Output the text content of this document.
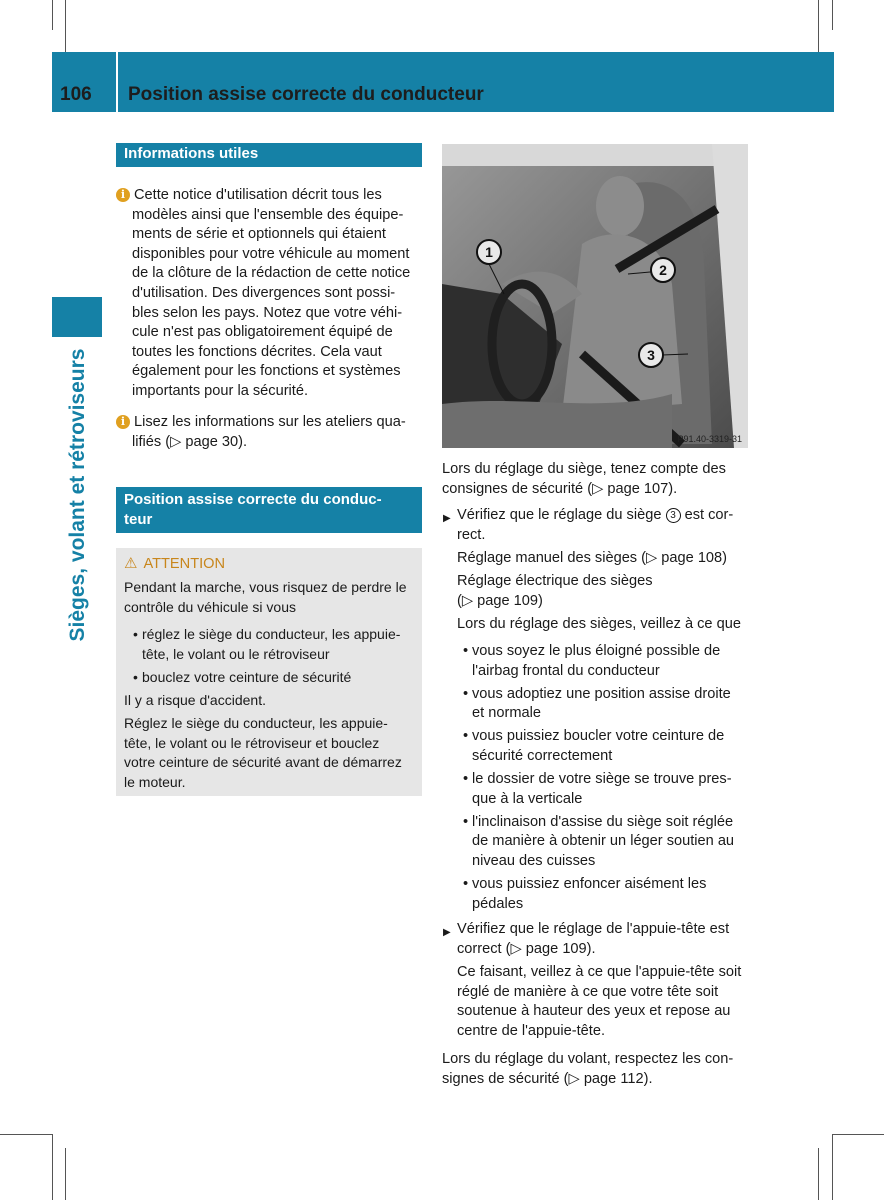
106 Position assise correcte du conducteur
Sièges, volant et rétroviseurs
Informations utiles
i Cette notice d'utilisation décrit tous les
modèles ainsi que l'ensemble des équipe-
ments de série et optionnels qui étaient
disponibles pour votre véhicule au moment
de la clôture de la rédaction de cette notice
d'utilisation. Des divergences sont possi-
bles selon les pays. Notez que votre véhi-
cule n'est pas obligatoirement équipé de
toutes les fonctions décrites. Cela vaut
également pour les fonctions et systèmes
importants pour la sécurité.
i Lisez les informations sur les ateliers qua-
lifiés (▷ page 30).
Position assise correcte du conduc-
teur
⚠ ATTENTION
Pendant la marche, vous risquez de perdre le
contrôle du véhicule si vous
• réglez le siège du conducteur, les appuie-
tête, le volant ou le rétroviseur
• bouclez votre ceinture de sécurité
Il y a risque d'accident.
Réglez le siège du conducteur, les appuie-
tête, le volant ou le rétroviseur et bouclez
votre ceinture de sécurité avant de démarrez
le moteur.
1
2
3
P91.40-3319-31
Lors du réglage du siège, tenez compte des
consignes de sécurité (▷ page 107).
▶ Vérifiez que le réglage du siège 3 est cor-
rect.
Réglage manuel des sièges (▷ page 108)
Réglage électrique des sièges
(▷ page 109)
Lors du réglage des sièges, veillez à ce que
• vous soyez le plus éloigné possible de
l'airbag frontal du conducteur
• vous adoptiez une position assise droite
et normale
• vous puissiez boucler votre ceinture de
sécurité correctement
• le dossier de votre siège se trouve pres-
que à la verticale
• l'inclinaison d'assise du siège soit réglée
de manière à obtenir un léger soutien au
niveau des cuisses
• vous puissiez enfoncer aisément les
pédales
▶ Vérifiez que le réglage de l'appuie-tête est
correct (▷ page 109).
Ce faisant, veillez à ce que l'appuie-tête soit
réglé de manière à ce que votre tête soit
soutenue à hauteur des yeux et repose au
centre de l'appuie-tête.
Lors du réglage du volant, respectez les con-
signes de sécurité (▷ page 112).
